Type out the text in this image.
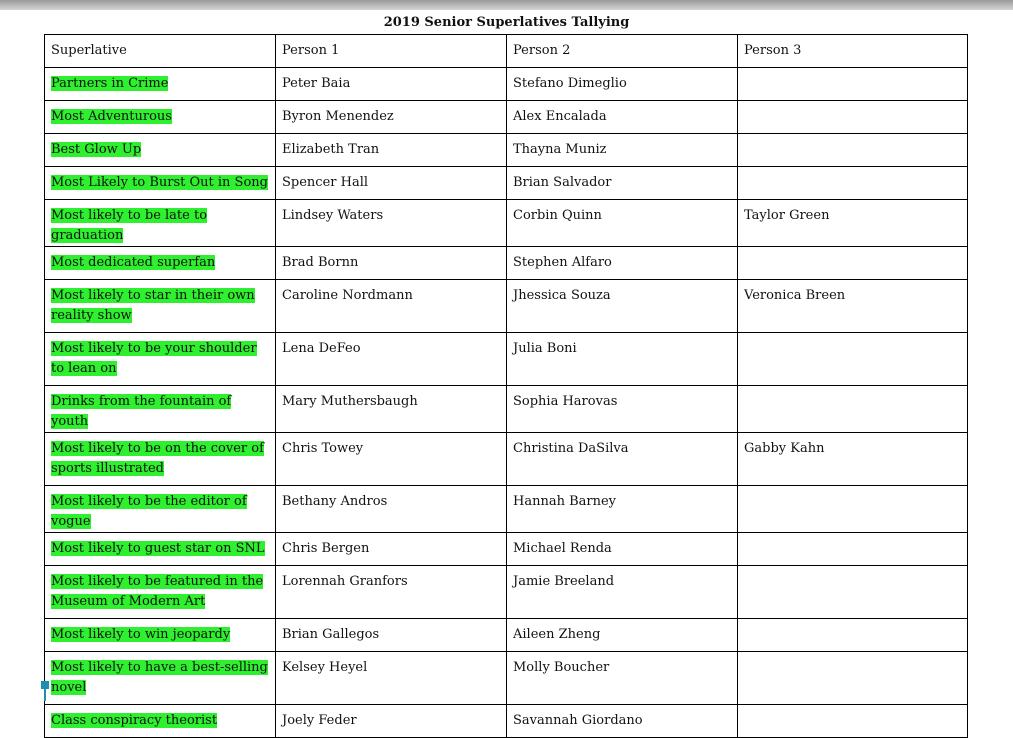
2019 Senior Superlatives Tallying
Superlative	Person 1	Person 2	Person 3
Partners in Crime	Peter Baia	Stefano Dimeglio	
Most Adventurous	Byron Menendez	Alex Encalada	
Best Glow Up	Elizabeth Tran	Thayna Muniz	
Most Likely to Burst Out in Song	Spencer Hall	Brian Salvador	
Most likely to be late to graduation	Lindsey Waters	Corbin Quinn	Taylor Green
Most dedicated superfan	Brad Bornn	Stephen Alfaro	
Most likely to star in their own reality show	Caroline Nordmann	Jhessica Souza	Veronica Breen
Most likely to be your shoulder to lean on	Lena DeFeo	Julia Boni	
Drinks from the fountain of youth	Mary Muthersbaugh	Sophia Harovas	
Most likely to be on the cover of sports illustrated	Chris Towey	Christina DaSilva	Gabby Kahn
Most likely to be the editor of vogue	Bethany Andros	Hannah Barney	
Most likely to guest star on SNL	Chris Bergen	Michael Renda	
Most likely to be featured in the Museum of Modern Art	Lorennah Granfors	Jamie Breeland	
Most likely to win jeopardy	Brian Gallegos	Aileen Zheng	
Most likely to have a best-selling novel	Kelsey Heyel	Molly Boucher	
Class conspiracy theorist	Joely Feder	Savannah Giordano	
